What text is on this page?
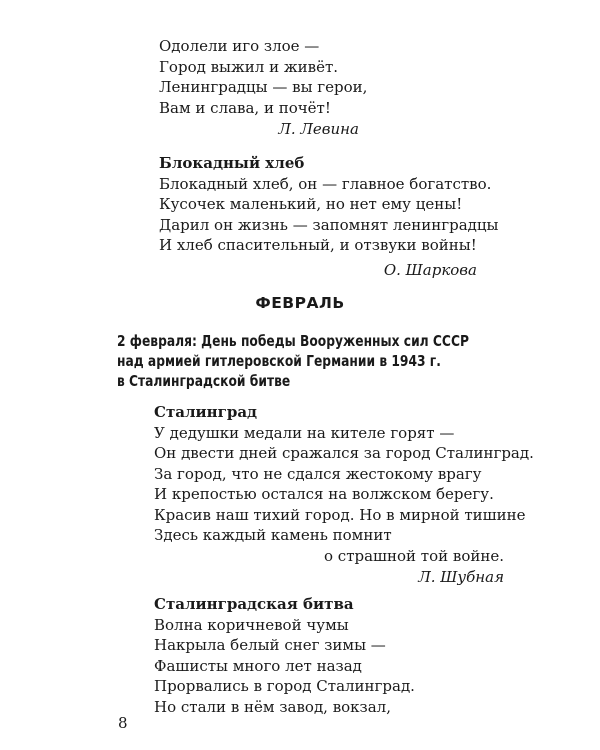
Одолели иго злое —
Город выжил и живёт.
Ленинградцы — вы герои,
Вам и слава, и почёт!
Л. Левина
Блокадный хлеб
Блокадный хлеб, он — главное богатство.
Кусочек маленький, но нет ему цены!
Дарил он жизнь — запомнят ленинградцы
И хлеб спасительный, и отзвуки войны!
О. Шаркова
ФЕВРАЛЬ
2 февраля: День победы Вооруженных сил СССР
над армией гитлеровской Германии в 1943 г.
в Сталинградской битве
Сталинград
У дедушки медали на кителе горят —
Он двести дней сражался за город Сталинград.
За город, что не сдался жестокому врагу
И крепостью остался на волжском берегу.
Красив наш тихий город. Но в мирной тишине
Здесь каждый камень помнит
о страшной той войне.
Л. Шубная
Сталинградская битва
Волна коричневой чумы
Накрыла белый снег зимы —
Фашисты много лет назад
Прорвались в город Сталинград.
Но стали в нём завод, вокзал,
8
